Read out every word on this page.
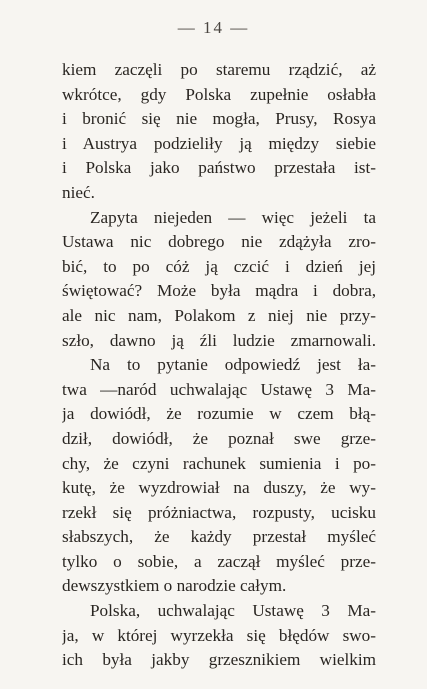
— 14 —
kiem zaczęli po staremu rządzić, aż
wkrótce, gdy Polska zupełnie osłabła
i bronić się nie mogła, Prusy, Rosya
i Austrya podzieliły ją między siebie
i Polska jako państwo przestała ist-
nieć.
Zapyta niejeden — więc jeżeli ta
Ustawa nic dobrego nie zdążyła zro-
bić, to po cóż ją czcić i dzień jej
świętować? Może była mądra i dobra,
ale nic nam, Polakom z niej nie przy-
szło, dawno ją źli ludzie zmarnowali.
Na to pytanie odpowiedź jest ła-
twa —naród uchwalając Ustawę 3 Ma-
ja dowiódł, że rozumie w czem błą-
dził, dowiódł, że poznał swe grze-
chy, że czyni rachunek sumienia i po-
kutę, że wyzdrowiał na duszy, że wy-
rzekł się próżniactwa, rozpusty, ucisku
słabszych, że każdy przestał myśleć
tylko o sobie, a zaczął myśleć prze-
dewszystkiem o narodzie całym.
Polska, uchwalając Ustawę 3 Ma-
ja, w której wyrzekła się błędów swo-
ich była jakby grzesznikiem wielkim
